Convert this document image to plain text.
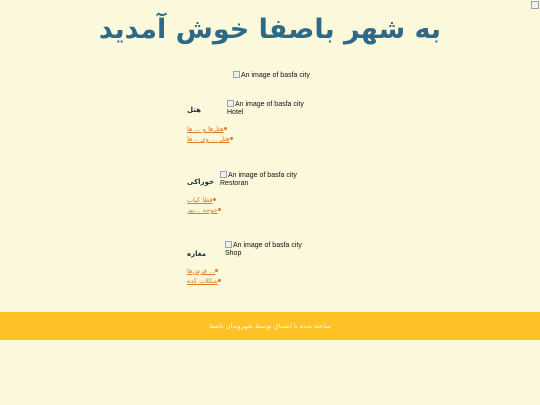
به شهر باصفا خوش آمدید
An image of basfa city
An image of basfa city
Hotel
هتل
هتل‌ها و ... ها
هتل ... وی ...ها
An image of basfa city
Restoran
خوراکی
قطا کباب
جوجه ...بیز
An image of basfa city
Shop
مغازه
... فرش‌ها
شکلات کده
ساخته شده با اشتیاق توسط شهروندان باصفا
